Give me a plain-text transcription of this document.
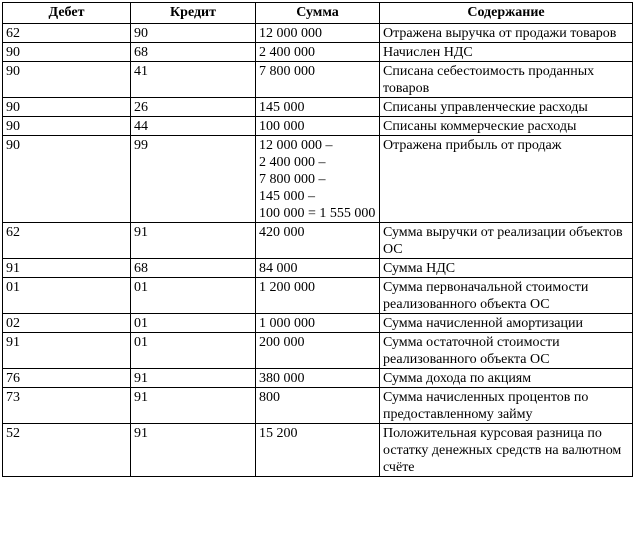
Дебет	Кредит	Сумма	Содержание
62	90	12 000 000	Отражена выручка от продажи товаров
90	68	2 400 000	Начислен НДС
90	41	7 800 000	Списана себестоимость проданных товаров
90	26	145 000	Списаны управленческие расходы
90	44	100 000	Списаны коммерческие расходы
90	99	12 000 000 –
2 400 000 –
7 800 000 –
145 000 –
100 000 = 1 555 000	Отражена прибыль от продаж
62	91	420 000	Сумма выручки от реализации объектов ОС
91	68	84 000	Сумма НДС
01	01	1 200 000	Сумма первоначальной стоимости реализованного объекта ОС
02	01	1 000 000	Сумма начисленной амортизации
91	01	200 000	Сумма остаточной стоимости реализованного объекта ОС
76	91	380 000	Сумма дохода по акциям
73	91	800	Сумма начисленных процентов по предоставленному займу
52	91	15 200	Положительная курсовая разница по остатку денежных средств на валютном счёте
